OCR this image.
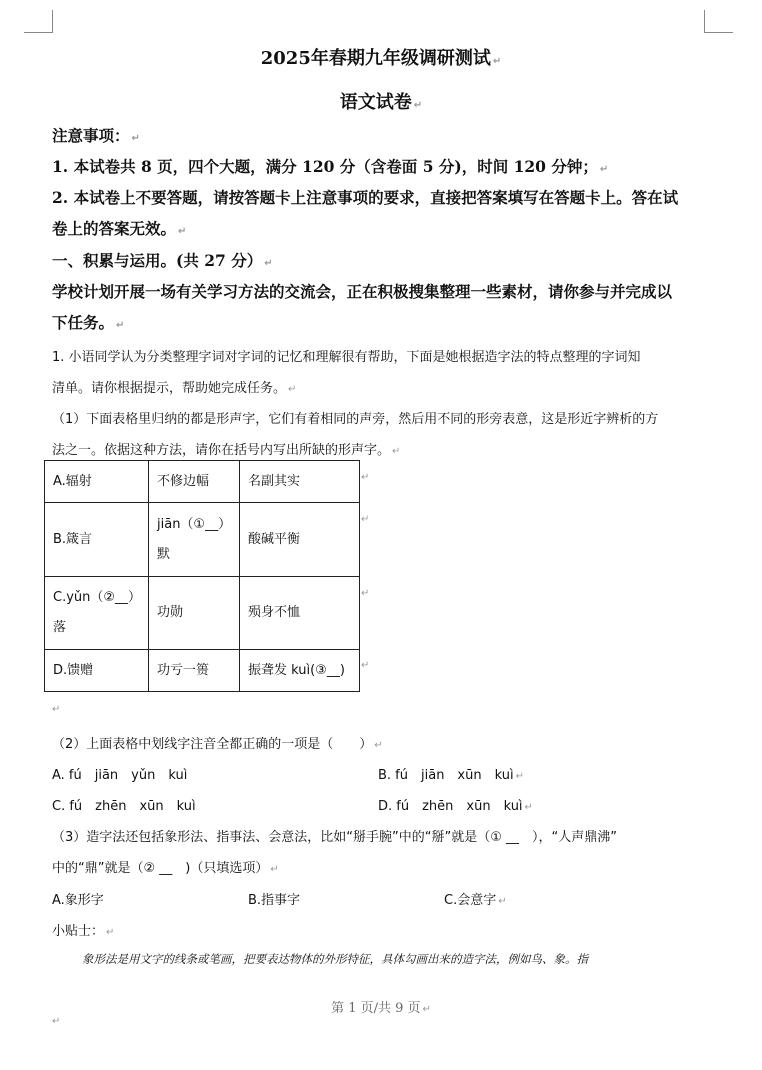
2025年春期九年级调研测试 ↵
语文试卷 ↵
注意事项： ↵
1. 本试卷共 8 页，四个大题，满分 120 分（含卷面 5 分)，时间 120 分钟； ↵
2. 本试卷上不要答题，请按答题卡上注意事项的要求，直接把答案填写在答题卡上。答在试
卷上的答案无效。 ↵
一、积累与运用。(共 27 分） ↵
学校计划开展一场有关学习方法的交流会，正在积极搜集整理一些素材，请你参与并完成以
下任务。 ↵
1. 小语同学认为分类整理字词对字词的记忆和理解很有帮助，下面是她根据造字法的特点整理的字词知
清单。请你根据提示，帮助她完成任务。 ↵
（1）下面表格里归纳的都是形声字，它们有着相同的声旁，然后用不同的形旁表意，这是形近字辨析的方
法之一。依据这种方法，请你在括号内写出所缺的形声字。 ↵
A.辐射	不修边幅	名副其实
B.箴言	jiān（①__）默	酸碱平衡
C.yǔn（②__）落	功勋	殒身不恤
D.馈赠	功亏一篑	振聋发 kuì(③__)
↵
↵
↵
↵
↵
（2）上面表格中划线字注音全都正确的一项是（　　） ↵
A. fú　jiān　yǔn　kuì	B. fú　jiān　xūn　kuì ↵
C. fú　zhēn　xūn　kuì	D. fú　zhēn　xūn　kuì ↵
（3）造字法还包括象形法、指事法、会意法，比如“掰手腕”中的“掰”就是（① __　），“人声鼎沸”
中的“鼎”就是（② __　)（只填选项） ↵
A.象形字	B.指事字	C.会意字 ↵
小贴士： ↵
象形法是用文字的线条或笔画，把要表达物体的外形特征，具体勾画出来的造字法，例如鸟、象。指
第 1 页/共 9 页 ↵
↵
